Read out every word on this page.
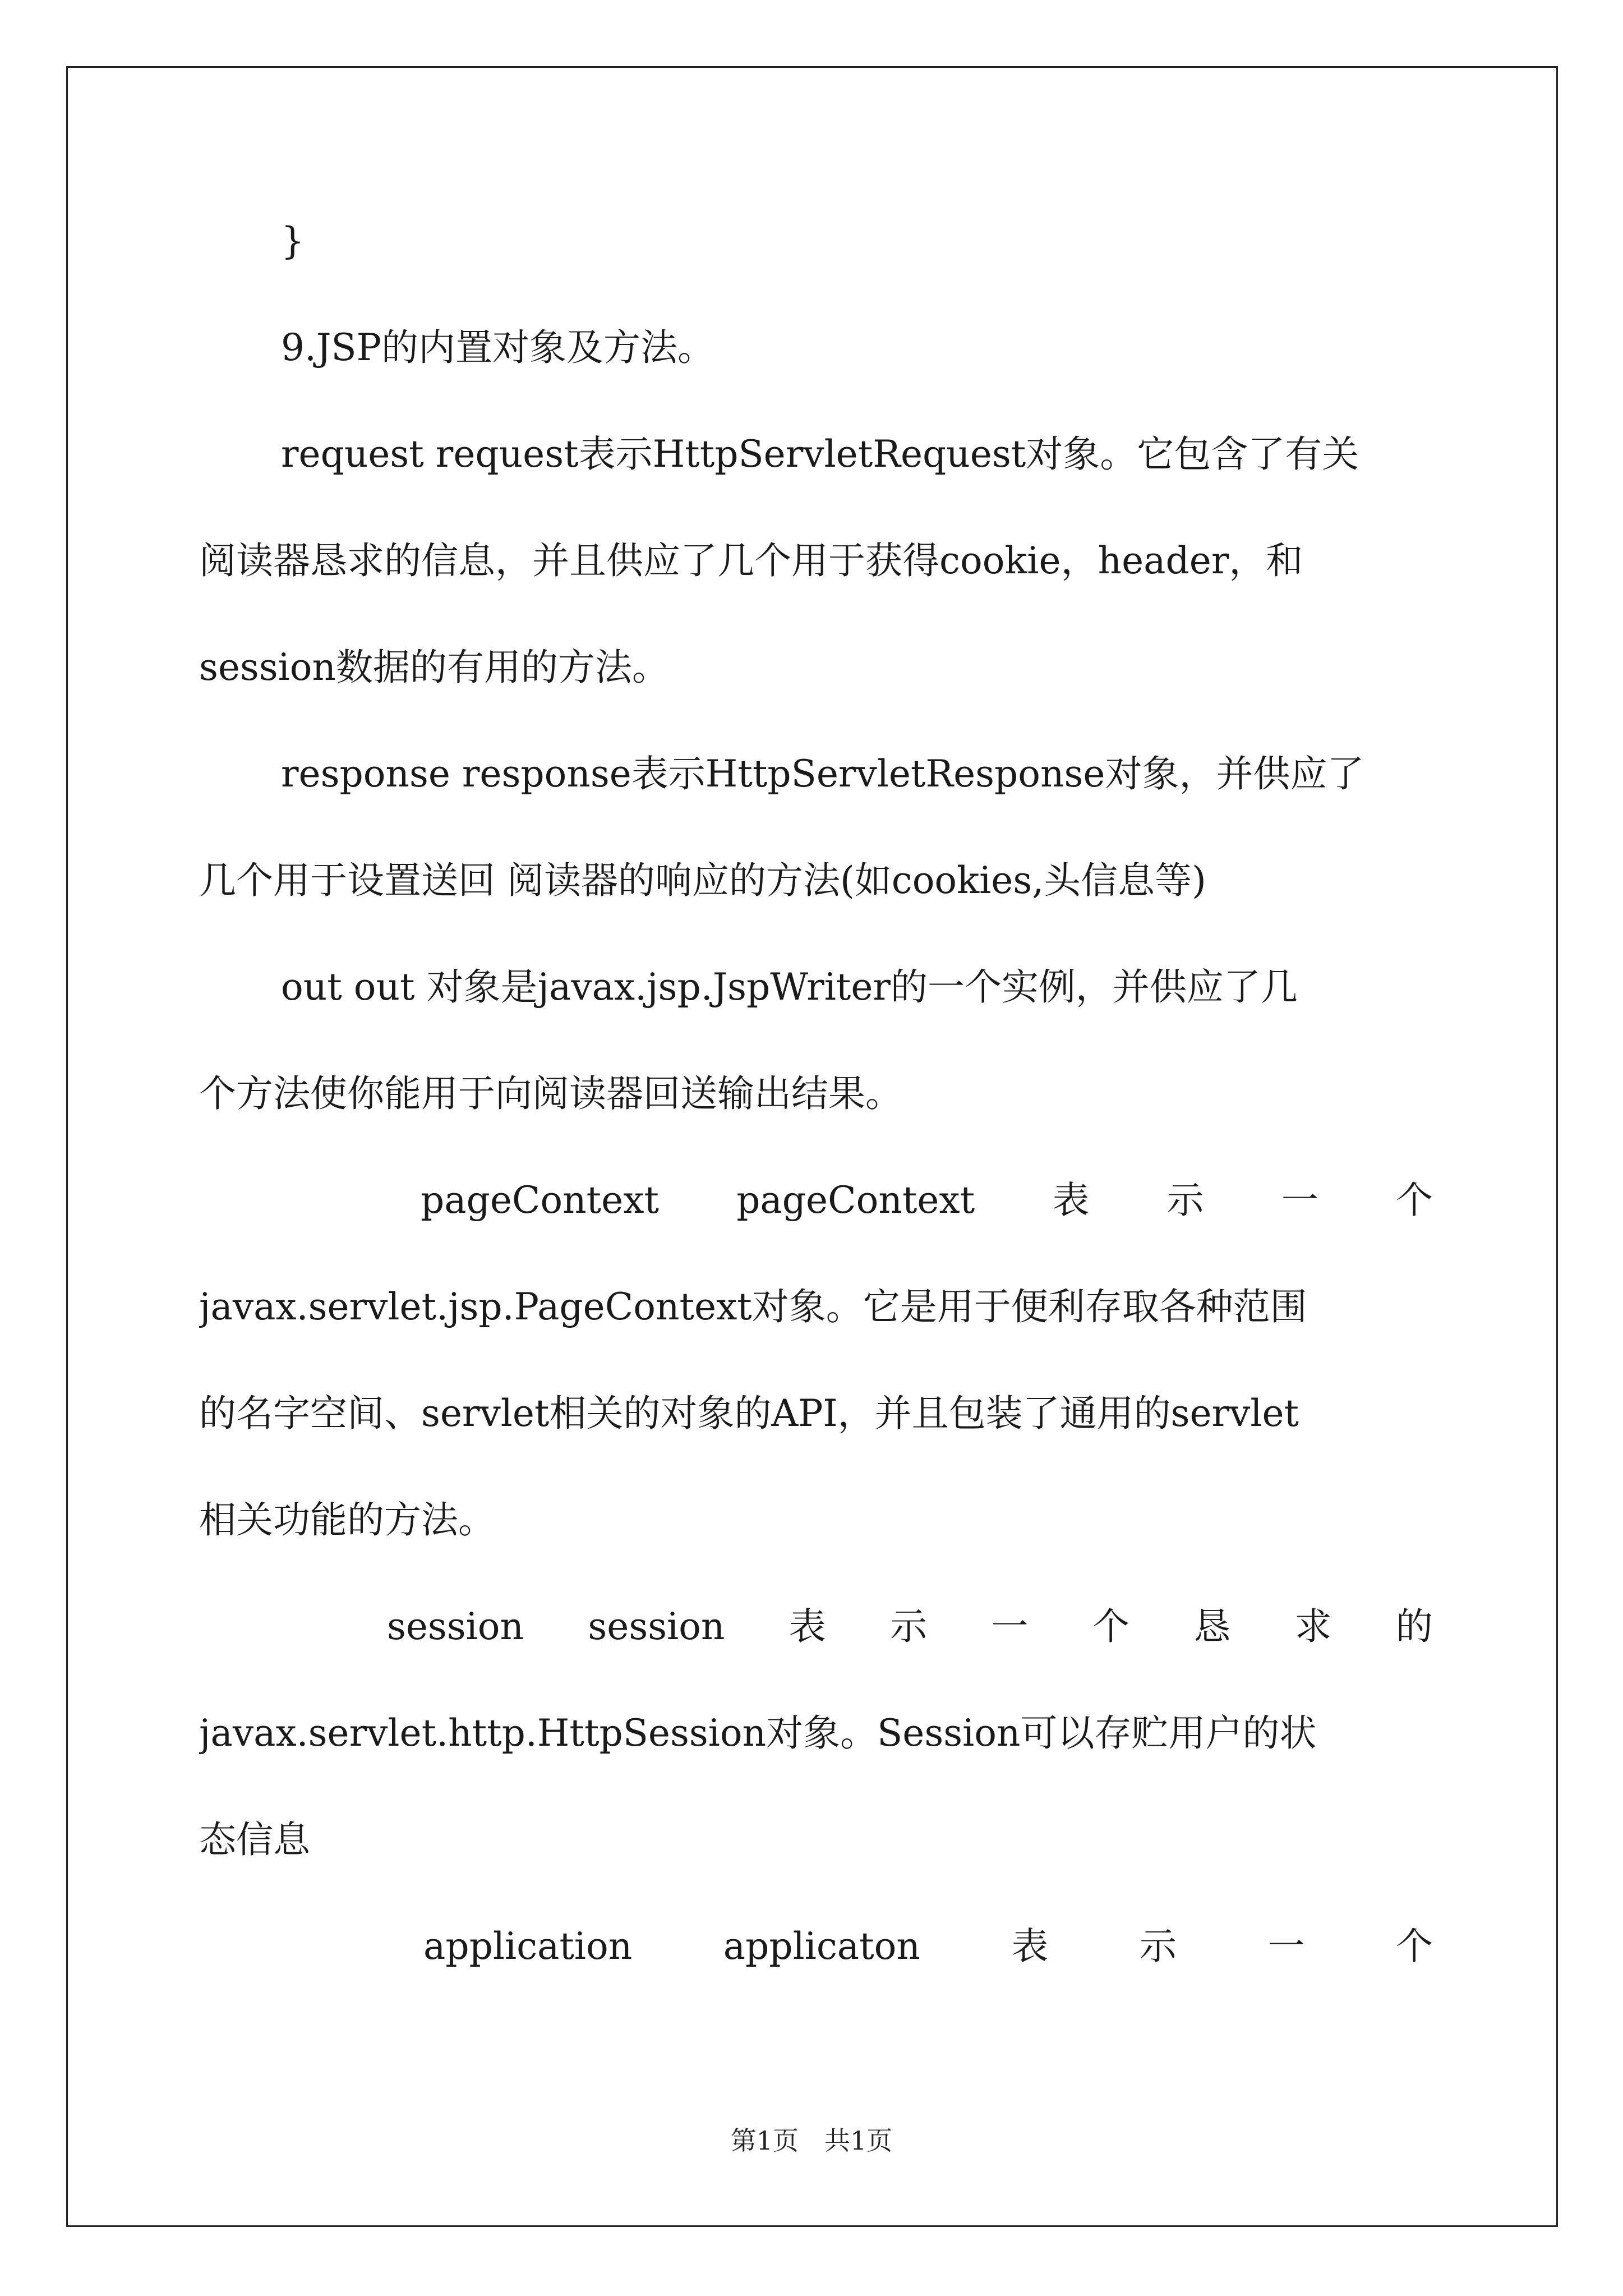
}
9.JSP的内置对象及方法。
request request表示HttpServletRequest对象。它包含了有关
阅读器恳求的信息，并且供应了几个用于获得cookie，header，和
session数据的有用的方法。
response response表示HttpServletResponse对象，并供应了
几个用于设置送回 阅读器的响应的方法(如cookies,头信息等)
out out 对象是javax.jsp.JspWriter的一个实例，并供应了几
个方法使你能用于向阅读器回送输出结果。
pageContext pageContext 表 示 一 个
javax.servlet.jsp.PageContext对象。它是用于便利存取各种范围
的名字空间、servlet相关的对象的API，并且包装了通用的servlet
相关功能的方法。
session session 表 示 一 个 恳 求 的
javax.servlet.http.HttpSession对象。Session可以存贮用户的状
态信息
application applicaton 表 示 一 个
第1页　共1页
